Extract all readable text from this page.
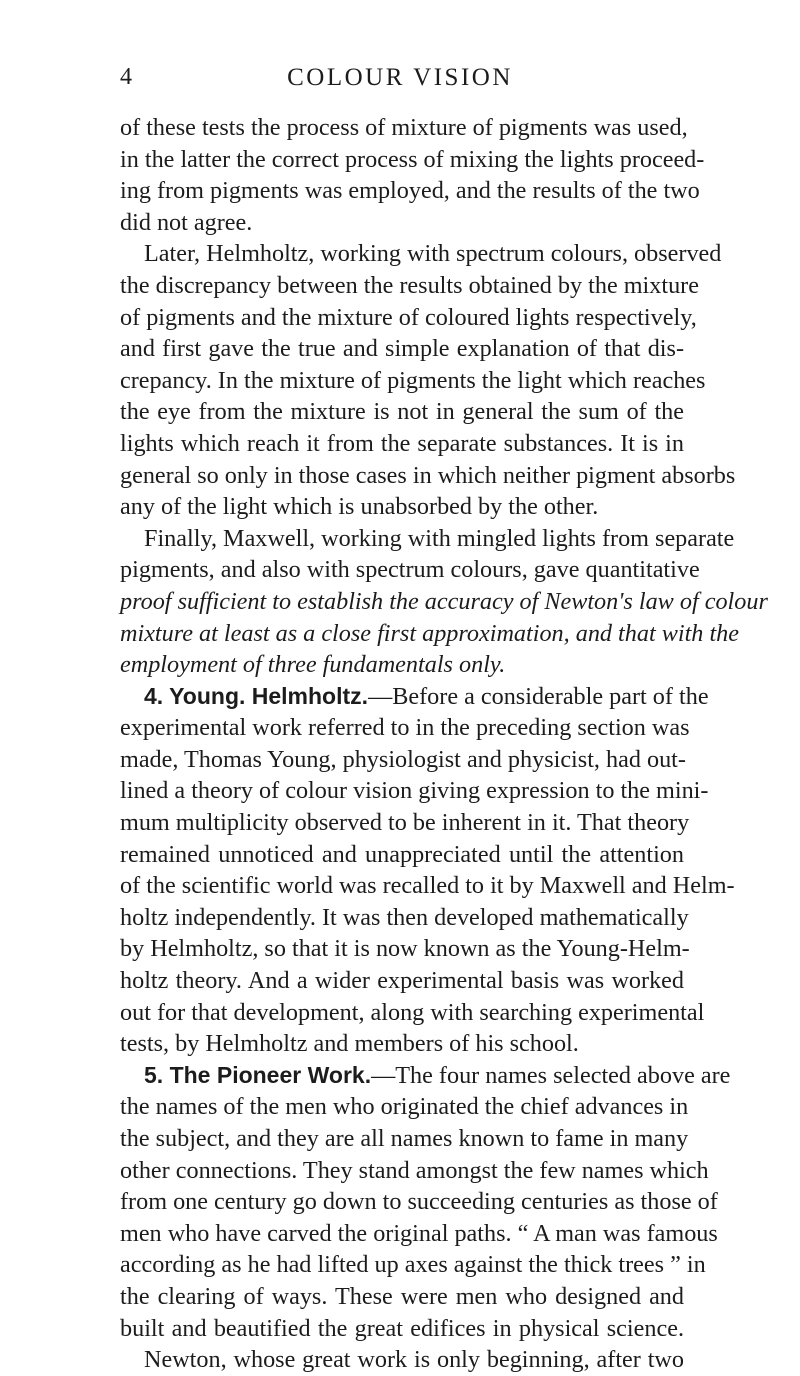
4	COLOUR VISION
of these tests the process of mixture of pigments was used,
in the latter the correct process of mixing the lights proceed-
ing from pigments was employed, and the results of the two
did not agree.
Later, Helmholtz, working with spectrum colours, observed
the discrepancy between the results obtained by the mixture
of pigments and the mixture of coloured lights respectively,
and first gave the true and simple explanation of that dis-
crepancy. In the mixture of pigments the light which reaches
the eye from the mixture is not in general the sum of the
lights which reach it from the separate substances. It is in
general so only in those cases in which neither pigment absorbs
any of the light which is unabsorbed by the other.
Finally, Maxwell, working with mingled lights from separate
pigments, and also with spectrum colours, gave quantitative
proof sufficient to establish the accuracy of Newton's law of colour
mixture at least as a close first approximation, and that with the
employment of three fundamentals only.
4. Young. Helmholtz.—Before a considerable part of the
experimental work referred to in the preceding section was
made, Thomas Young, physiologist and physicist, had out-
lined a theory of colour vision giving expression to the mini-
mum multiplicity observed to be inherent in it. That theory
remained unnoticed and unappreciated until the attention
of the scientific world was recalled to it by Maxwell and Helm-
holtz independently. It was then developed mathematically
by Helmholtz, so that it is now known as the Young-Helm-
holtz theory. And a wider experimental basis was worked
out for that development, along with searching experimental
tests, by Helmholtz and members of his school.
5. The Pioneer Work.—The four names selected above are
the names of the men who originated the chief advances in
the subject, and they are all names known to fame in many
other connections. They stand amongst the few names which
from one century go down to succeeding centuries as those of
men who have carved the original paths. “ A man was famous
according as he had lifted up axes against the thick trees ” in
the clearing of ways. These were men who designed and
built and beautified the great edifices in physical science.
Newton, whose great work is only beginning, after two
